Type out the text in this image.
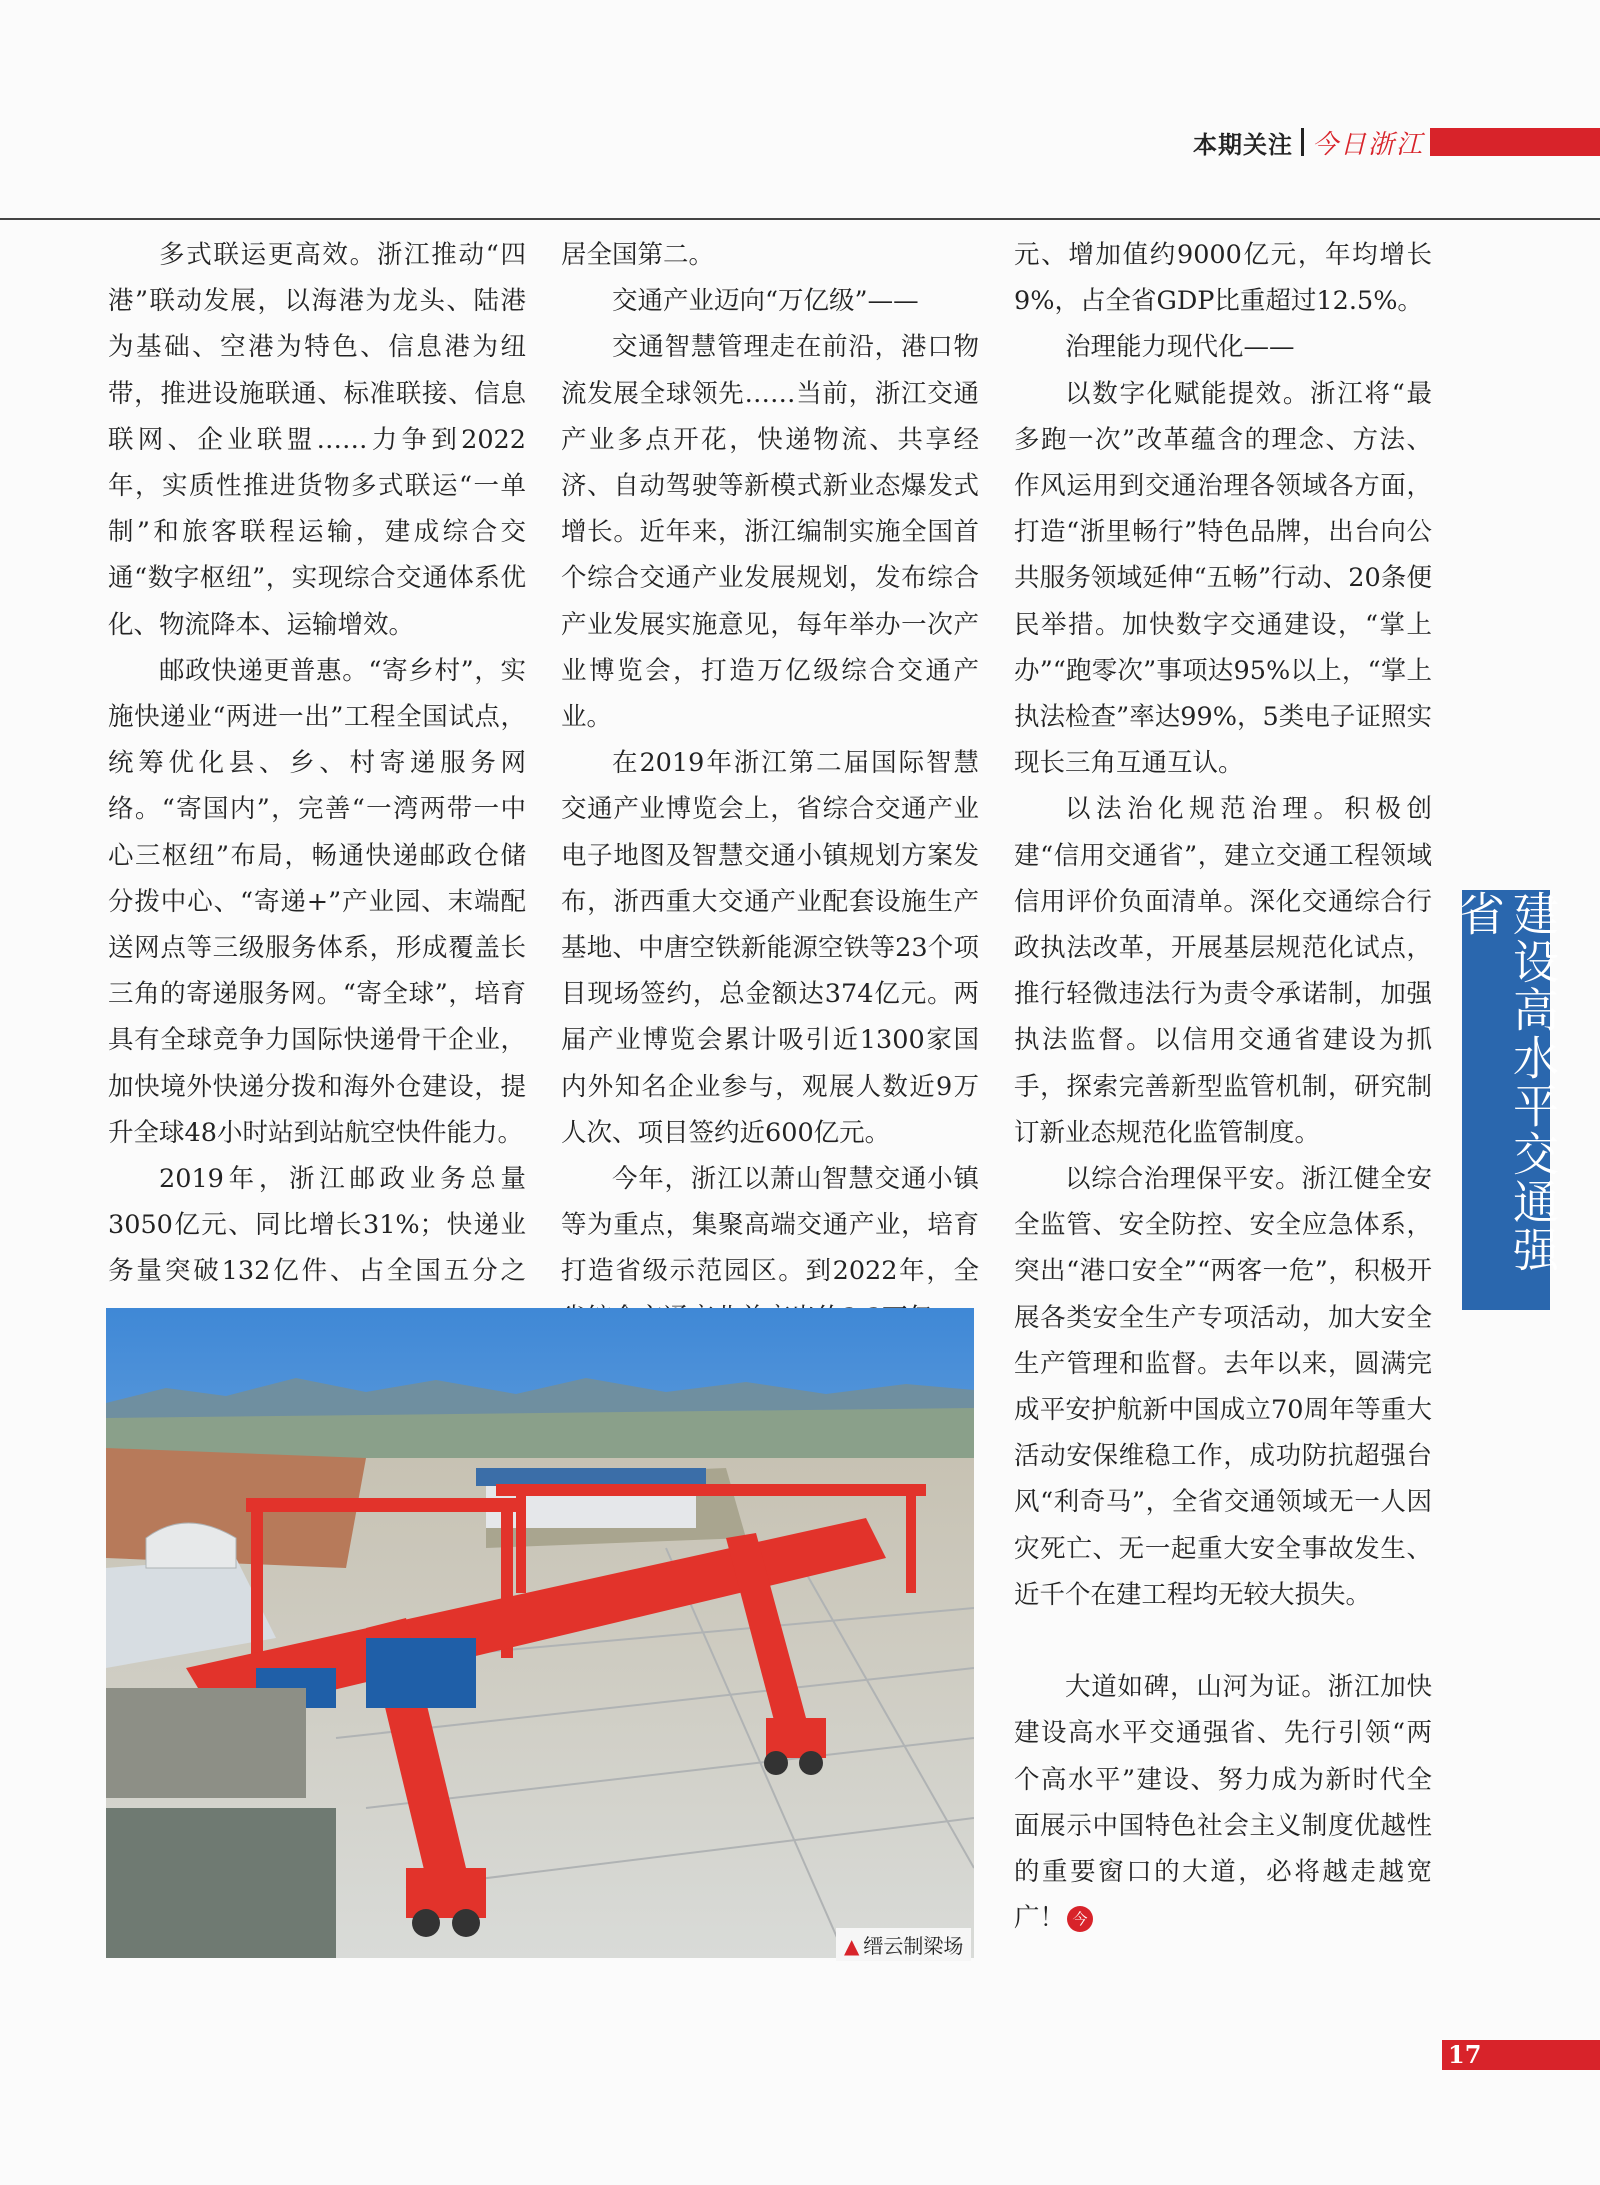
本期关注 今日浙江

多式联运更高效。浙江推动“四港”联动发展，以海港为龙头、陆港为基础、空港为特色、信息港为纽带，推进设施联通、标准联接、信息联网、企业联盟……力争到2022年，实质性推进货物多式联运“一单制”和旅客联程运输，建成综合交通“数字枢纽”，实现综合交通体系优化、物流降本、运输增效。

邮政快递更普惠。“寄乡村”，实施快递业“两进一出”工程全国试点，统筹优化县、乡、村寄递服务网络。“寄国内”，完善“一湾两带一中心三枢纽”布局，畅通快递邮政仓储分拨中心、“寄递+”产业园、末端配送网点等三级服务体系，形成覆盖长三角的寄递服务网。“寄全球”，培育具有全球竞争力国际快递骨干企业，加快境外快递分拨和海外仓建设，提升全球48小时站到站航空快件能力。

2019年，浙江邮政业务总量3050亿元、同比增长31%；快递业务量突破132亿件、占全国五分之

居全国第二。

交通产业迈向“万亿级”——

交通智慧管理走在前沿，港口物流发展全球领先……当前，浙江交通产业多点开花，快递物流、共享经济、自动驾驶等新模式新业态爆发式增长。近年来，浙江编制实施全国首个综合交通产业发展规划，发布综合产业发展实施意见，每年举办一次产业博览会，打造万亿级综合交通产业。

在2019年浙江第二届国际智慧交通产业博览会上，省综合交通产业电子地图及智慧交通小镇规划方案发布，浙西重大交通产业配套设施生产基地、中唐空铁新能源空铁等23个项目现场签约，总金额达374亿元。两届产业博览会累计吸引近1300家国内外知名企业参与，观展人数近9万人次、项目签约近600亿元。

今年，浙江以萧山智慧交通小镇等为重点，集聚高端交通产业，培育打造省级示范园区。到2022年，全

元、增加值约9000亿元，年均增长9%，占全省GDP比重超过12.5%。

治理能力现代化——

以数字化赋能提效。浙江将“最多跑一次”改革蕴含的理念、方法、作风运用到交通治理各领域各方面，打造“浙里畅行”特色品牌，出台向公共服务领域延伸“五畅”行动、20条便民举措。加快数字交通建设，“掌上办”“跑零次”事项达95%以上，“掌上执法检查”率达99%，5类电子证照实现长三角互通互认。

以法治化规范治理。积极创建“信用交通省”，建立交通工程领域信用评价负面清单。深化交通综合行政执法改革，开展基层规范化试点，推行轻微违法行为责令承诺制，加强执法监督。以信用交通省建设为抓手，探索完善新型监管机制，研究制订新业态规范化监管制度。

以综合治理保平安。浙江健全安全监管、安全防控、安全应急体系，突出“港口安全”“两客一危”，积极开展各类安全生产专项活动，加大安全生产管理和监督。去年以来，圆满完成平安护航新中国成立70周年等重大活动安保维稳工作，成功防抗超强台风“利奇马”，全省交通领域无一人因灾死亡、无一起重大安全事故发生、近千个在建工程均无较大损失。

大道如碑，山河为证。浙江加快建设高水平交通强省、先行引领“两个高水平”建设、努力成为新时代全面展示中国特色社会主义制度优越性的重要窗口的大道，必将越走越宽广！ 今

▲ 缙云制梁场
建设高水平交通强省
17
